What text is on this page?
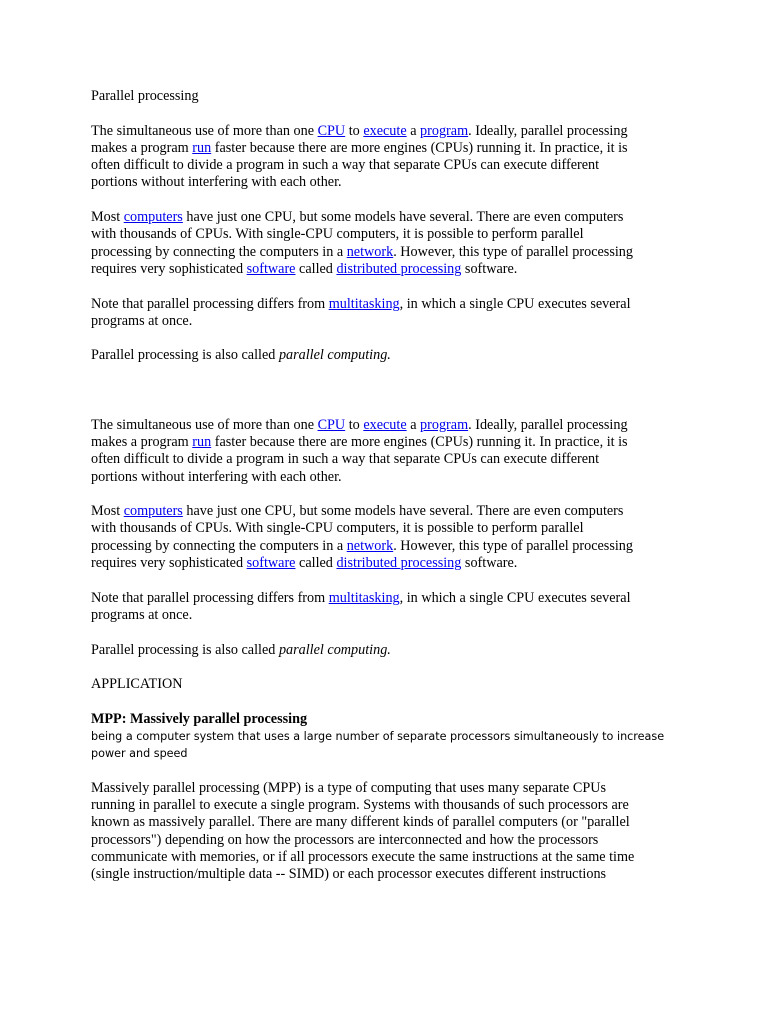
Parallel processing
The simultaneous use of more than one CPU to execute a program. Ideally, parallel processing
makes a program run faster because there are more engines (CPUs) running it. In practice, it is
often difficult to divide a program in such a way that separate CPUs can execute different
portions without interfering with each other.
Most computers have just one CPU, but some models have several. There are even computers
with thousands of CPUs. With single-CPU computers, it is possible to perform parallel
processing by connecting the computers in a network. However, this type of parallel processing
requires very sophisticated software called distributed processing software.
Note that parallel processing differs from multitasking, in which a single CPU executes several
programs at once.
Parallel processing is also called parallel computing.
The simultaneous use of more than one CPU to execute a program. Ideally, parallel processing
makes a program run faster because there are more engines (CPUs) running it. In practice, it is
often difficult to divide a program in such a way that separate CPUs can execute different
portions without interfering with each other.
Most computers have just one CPU, but some models have several. There are even computers
with thousands of CPUs. With single-CPU computers, it is possible to perform parallel
processing by connecting the computers in a network. However, this type of parallel processing
requires very sophisticated software called distributed processing software.
Note that parallel processing differs from multitasking, in which a single CPU executes several
programs at once.
Parallel processing is also called parallel computing.
APPLICATION
MPP: Massively parallel processing
being a computer system that uses a large number of separate processors simultaneously to increase
power and speed
Massively parallel processing (MPP) is a type of computing that uses many separate CPUs
running in parallel to execute a single program. Systems with thousands of such processors are
known as massively parallel. There are many different kinds of parallel computers (or "parallel
processors") depending on how the processors are interconnected and how the processors
communicate with memories, or if all processors execute the same instructions at the same time
(single instruction/multiple data -- SIMD) or each processor executes different instructions
